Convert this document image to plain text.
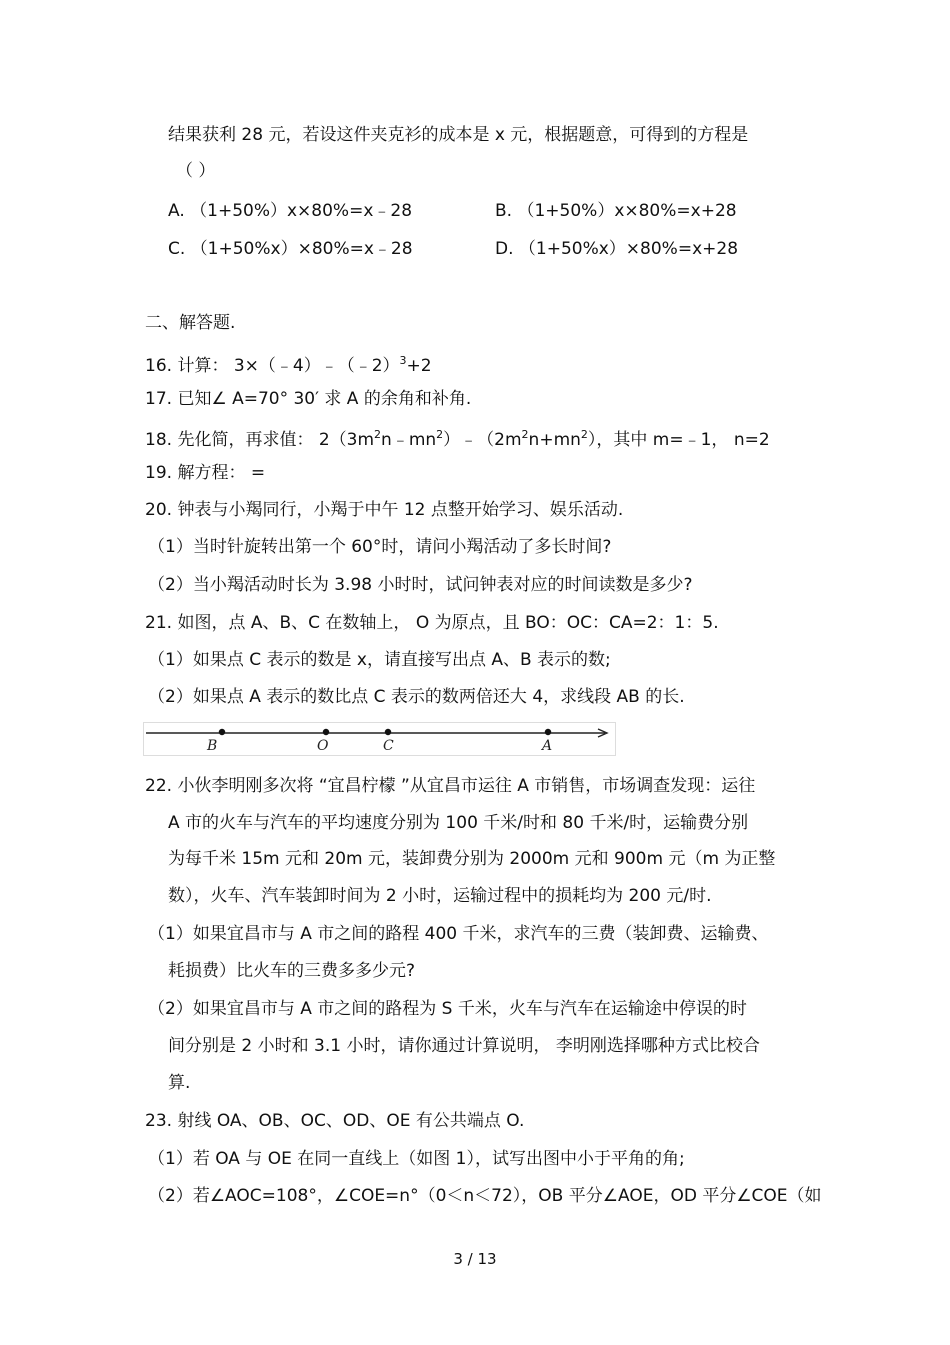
结果获利 28 元，若设这件夹克衫的成本是 x 元，根据题意，可得到的方程是
（ ）
A. （1+50%）x×80%=x﹣28	B. （1+50%）x×80%=x+28
C. （1+50%x）×80%=x﹣28	D. （1+50%x）×80%=x+28
二、解答题.
16. 计算： 3×（﹣4）﹣（﹣2）$^3$+2
17. 已知∠ A=70° 30′ 求 A 的余角和补角.
18. 先化简，再求值： $2(3m^2n﹣mn^2)﹣(2m^2n+mn^2)$，其中 m=﹣1， n=2
19. 解方程： =
20. 钟表与小羯同行，小羯于中午 12 点整开始学习、娱乐活动.
（1）当时针旋转出第一个 60°时，请问小羯活动了多长时间?
（2）当小羯活动时长为 3.98 小时时，试问钟表对应的时间读数是多少?
21. 如图，点 A、B、C 在数轴上， O 为原点，且 BO：OC：CA=2：1：5.
（1）如果点 C 表示的数是 x，请直接写出点 A、B 表示的数;
（2）如果点 A 表示的数比点 C 表示的数两倍还大 4，求线段 AB 的长.
B	O	C	A
22. 小伙李明刚多次将 “宜昌柠檬 ”从宜昌市运往 A 市销售，市场调查发现：运往
A 市的火车与汽车的平均速度分别为 100 千米/时和 80 千米/时，运输费分别
为每千米 15m 元和 20m 元，装卸费分别为 2000m 元和 900m 元（m 为正整
数），火车、汽车装卸时间为 2 小时，运输过程中的损耗均为 200 元/时.
（1）如果宜昌市与 A 市之间的路程 400 千米，求汽车的三费（装卸费、运输费、
耗损费）比火车的三费多多少元?
（2）如果宜昌市与 A 市之间的路程为 S 千米，火车与汽车在运输途中停误的时
间分别是 2 小时和 3.1 小时，请你通过计算说明， 李明刚选择哪种方式比校合
算.
23. 射线 OA、OB、OC、OD、OE 有公共端点 O.
（1）若 OA 与 OE 在同一直线上（如图 1），试写出图中小于平角的角;
（2）若∠AOC=108°，∠COE=n°（0＜n＜72），OB 平分∠AOE，OD 平分∠COE（如
3 / 13
